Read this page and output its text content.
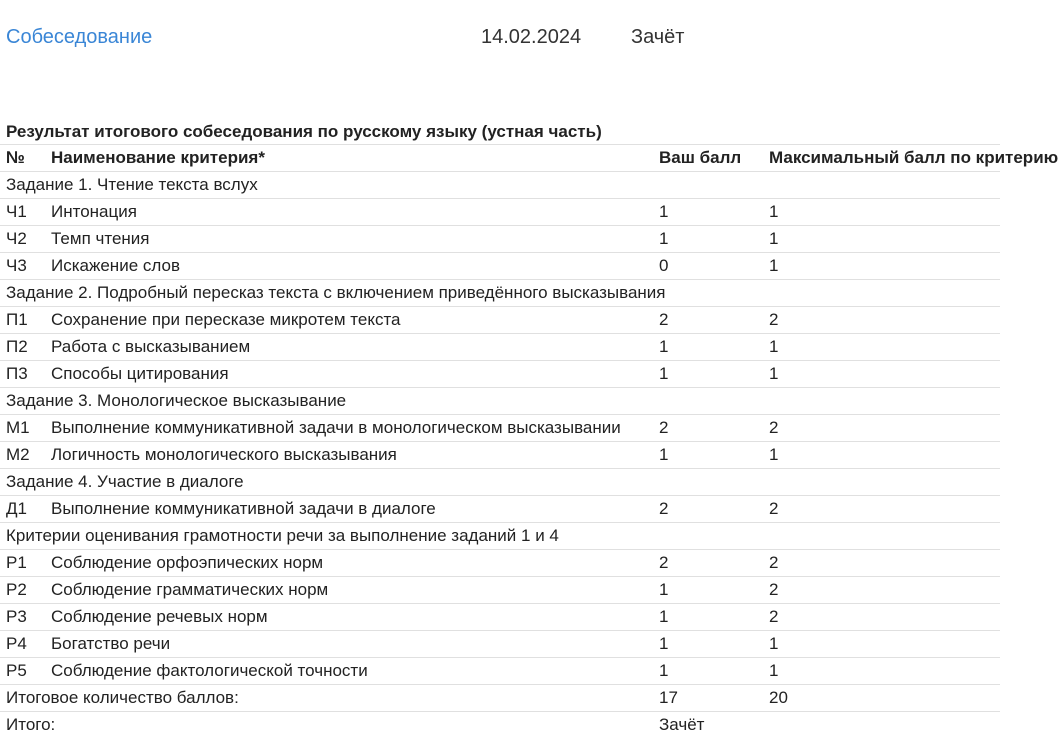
Собеседование	14.02.2024 Зачёт
Результат итогового собеседования по русскому языку (устная часть)
№	Наименование критерия*	Ваш балл	Максимальный балл по критерию
Задание 1. Чтение текста вслух			
Ч1	Интонация	1	1
Ч2	Темп чтения	1	1
Ч3	Искажение слов	0	1
Задание 2. Подробный пересказ текста с включением приведённого высказывания			
П1	Сохранение при пересказе микротем текста	2	2
П2	Работа с высказыванием	1	1
П3	Способы цитирования	1	1
Задание 3. Монологическое высказывание			
М1	Выполнение коммуникативной задачи в монологическом высказывании	2	2
М2	Логичность монологического высказывания	1	1
Задание 4. Участие в диалоге			
Д1	Выполнение коммуникативной задачи в диалоге	2	2
Критерии оценивания грамотности речи за выполнение заданий 1 и 4			
Р1	Соблюдение орфоэпических норм	2	2
Р2	Соблюдение грамматических норм	1	2
Р3	Соблюдение речевых норм	1	2
Р4	Богатство речи	1	1
Р5	Соблюдение фактологической точности	1	1
Итоговое количество баллов:		17	20
Итого:		Зачёт	
